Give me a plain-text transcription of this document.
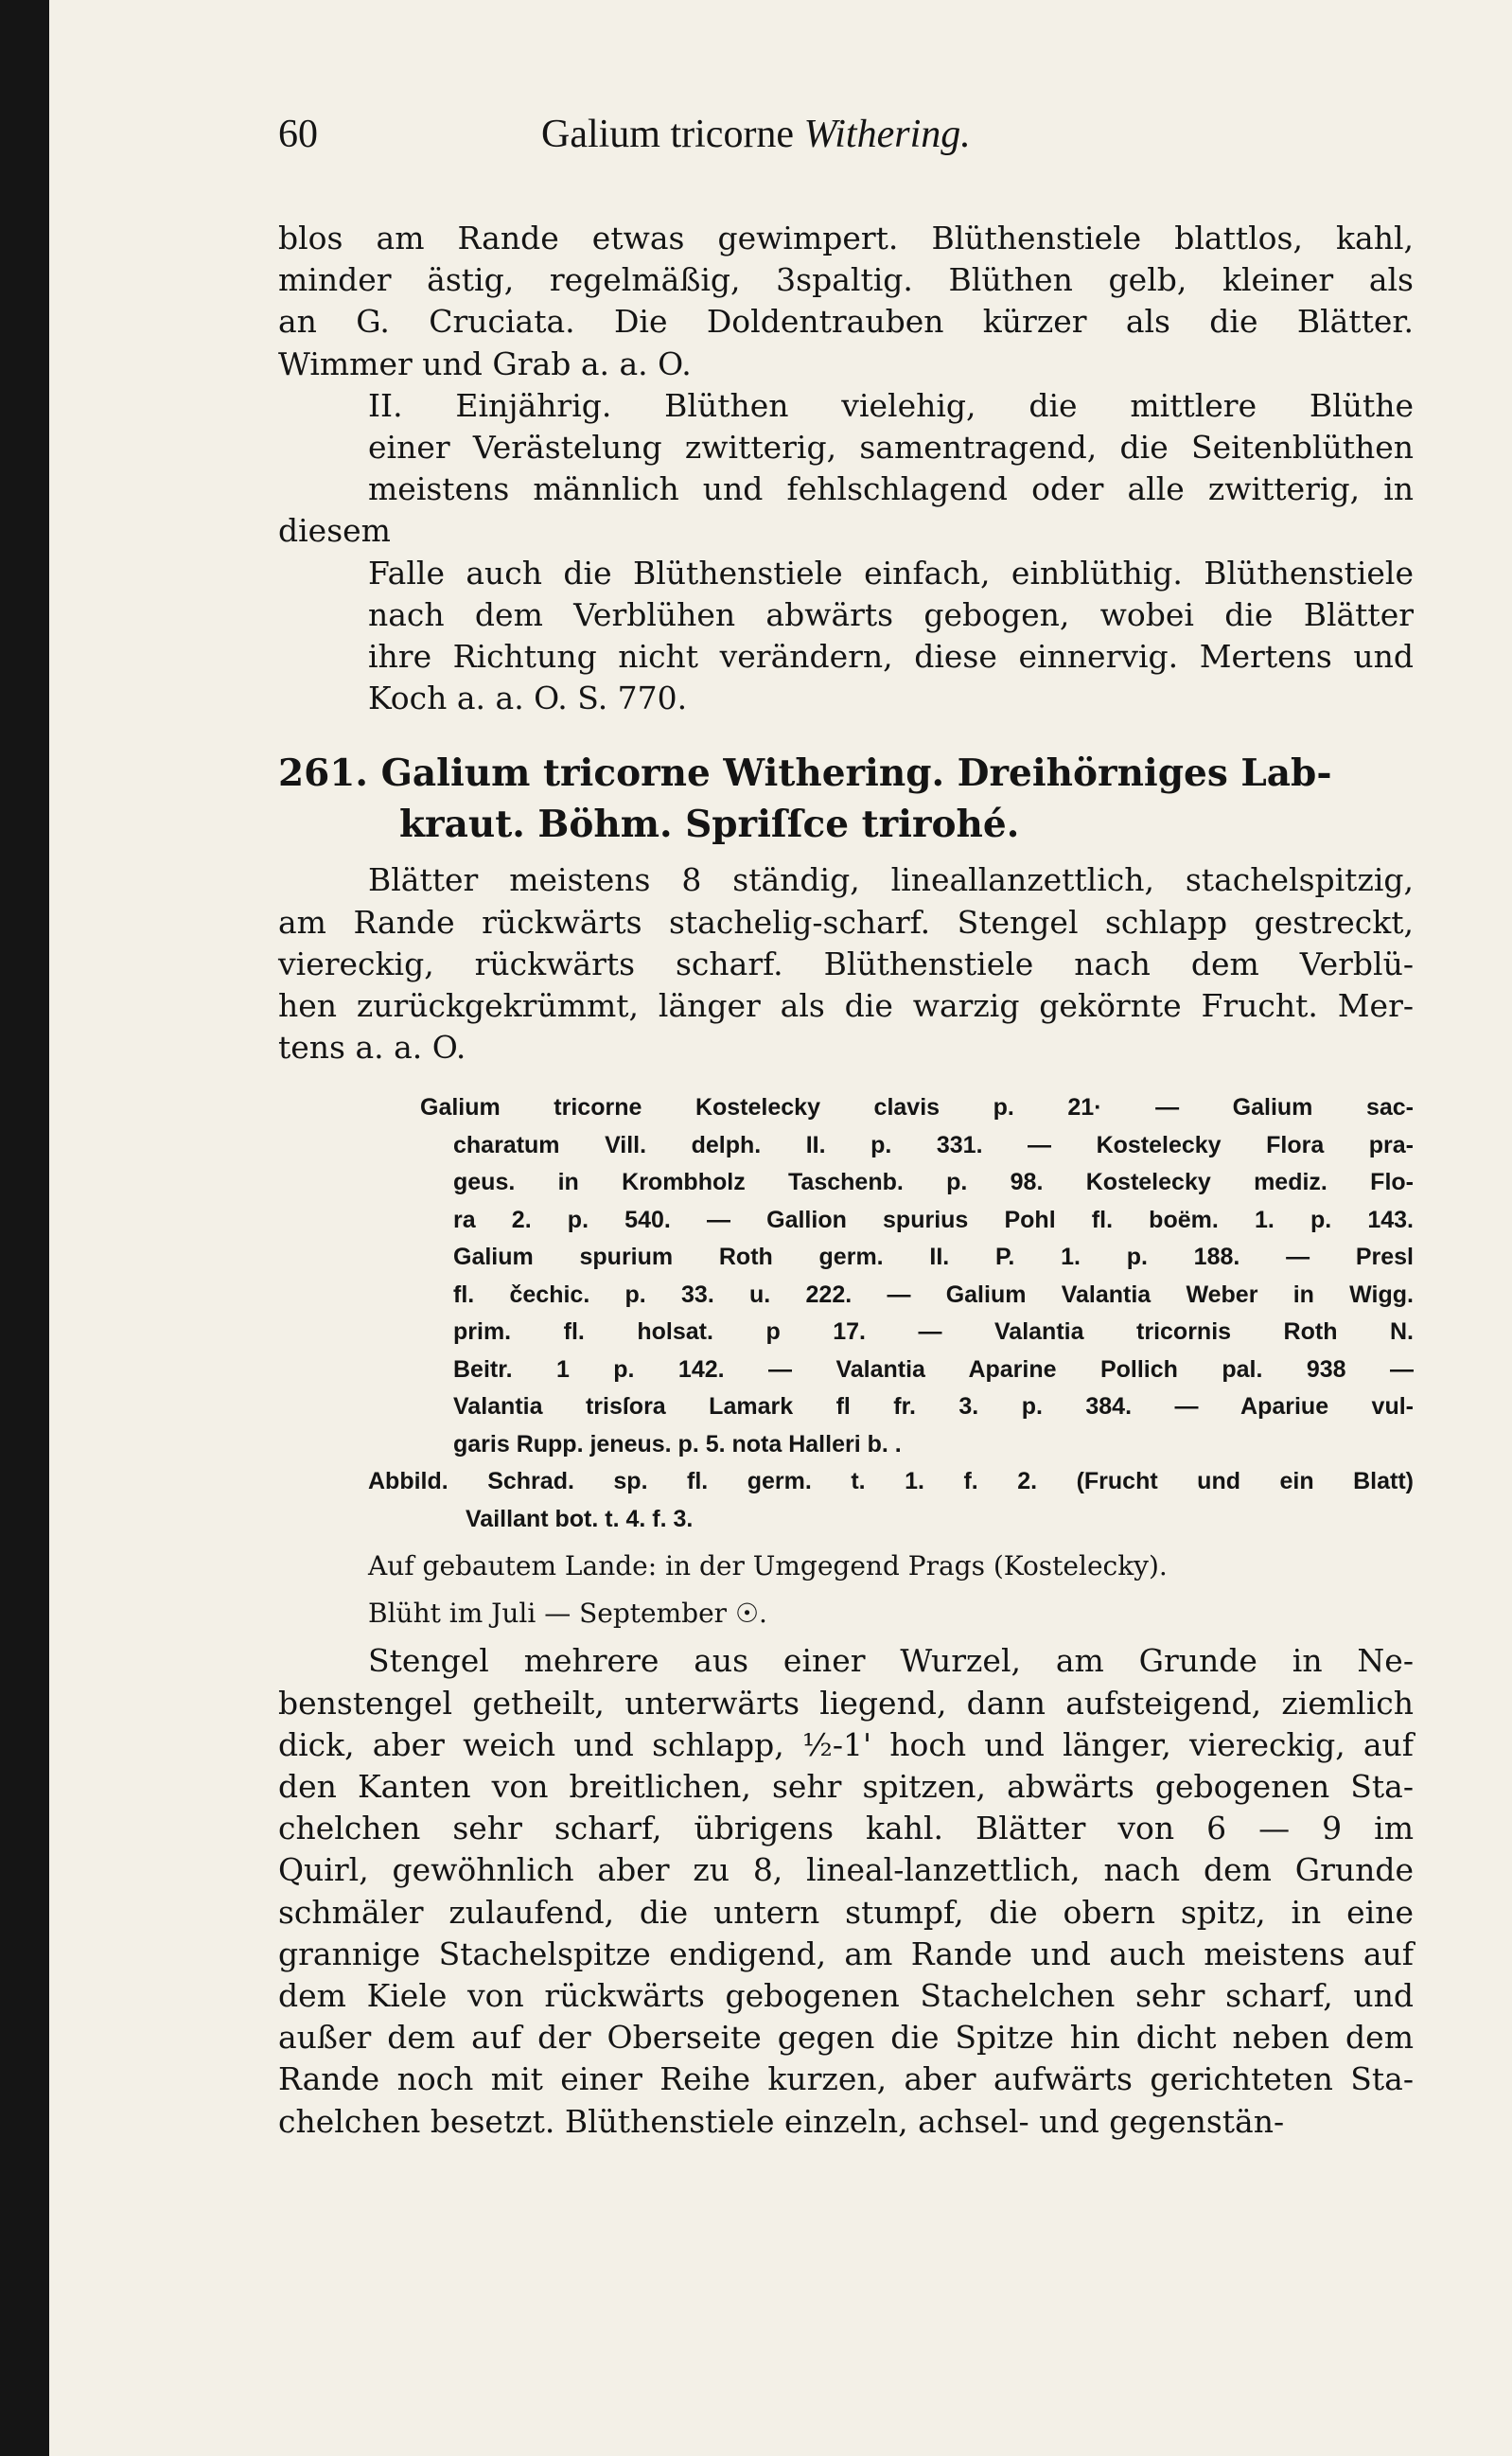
60	Galium tricorne Withering.

blos am Rande etwas gewimpert. Blüthenstiele blattlos, kahl,

minder ästig, regelmäßig, 3spaltig. Blüthen gelb, kleiner als

an G. Cruciata. Die Doldentrauben kürzer als die Blätter.

Wimmer und Grab a. a. O.

II. Einjährig. Blüthen vielehig, die mittlere Blüthe

einer Verästelung zwitterig, samentragend, die Seitenblüthen

meistens männlich und fehlschlagend oder alle zwitterig, in diesem

Falle auch die Blüthenstiele einfach, einblüthig. Blüthenstiele

nach dem Verblühen abwärts gebogen, wobei die Blätter

ihre Richtung nicht verändern, diese einnervig. Mertens und

Koch a. a. O. S. 770.

261. Galium tricorne Withering. Dreihörniges Lab-
kraut. Böhm. Spriſſce trirohé.

Blätter meistens 8 ständig, lineallanzettlich, stachelspitzig,

am Rande rückwärts stachelig-scharf. Stengel schlapp gestreckt,

viereckig, rückwärts scharf. Blüthenstiele nach dem Verblü-

hen zurückgekrümmt, länger als die warzig gekörnte Frucht. Mer-

tens a. a. O.

Galium tricorne Kostelecky clavis p. 21· — Galium sac-

charatum Vill. delph. II. p. 331. — Kostelecky Flora pra-

geus. in Krombholz Taschenb. p. 98. Kostelecky mediz. Flo-

ra 2. p. 540. — Gallion spurius Pohl fl. boëm. 1. p. 143.

Galium spurium Roth germ. II. P. 1. p. 188. — Presl

fl. čechic. p. 33. u. 222. — Galium Valantia Weber in Wigg.

prim. fl. holsat. p 17. — Valantia tricornis Roth N.

Beitr. 1 p. 142. — Valantia Aparine Pollich pal. 938 —

Valantia trisſora Lamark fl fr. 3. p. 384. — Apariue vul-

garis Rupp. jeneus. p. 5. nota Halleri b. .

Abbild. Schrad. sp. fl. germ. t. 1. f. 2. (Frucht und ein Blatt)

Vaillant bot. t. 4. f. 3.

Auf gebautem Lande: in der Umgegend Prags (Kostelecky).

Blüht im Juli — September ☉.

Stengel mehrere aus einer Wurzel, am Grunde in Ne-

benstengel getheilt, unterwärts liegend, dann aufsteigend, ziemlich

dick, aber weich und schlapp, ½-1' hoch und länger, viereckig, auf

den Kanten von breitlichen, sehr spitzen, abwärts gebogenen Sta-

chelchen sehr scharf, übrigens kahl. Blätter von 6 — 9 im

Quirl, gewöhnlich aber zu 8, lineal-lanzettlich, nach dem Grunde

schmäler zulaufend, die untern stumpf, die obern spitz, in eine

grannige Stachelspitze endigend, am Rande und auch meistens auf

dem Kiele von rückwärts gebogenen Stachelchen sehr scharf, und

außer dem auf der Oberseite gegen die Spitze hin dicht neben dem

Rande noch mit einer Reihe kurzen, aber aufwärts gerichteten Sta-

chelchen besetzt. Blüthenstiele einzeln, achsel- und gegenstän-
